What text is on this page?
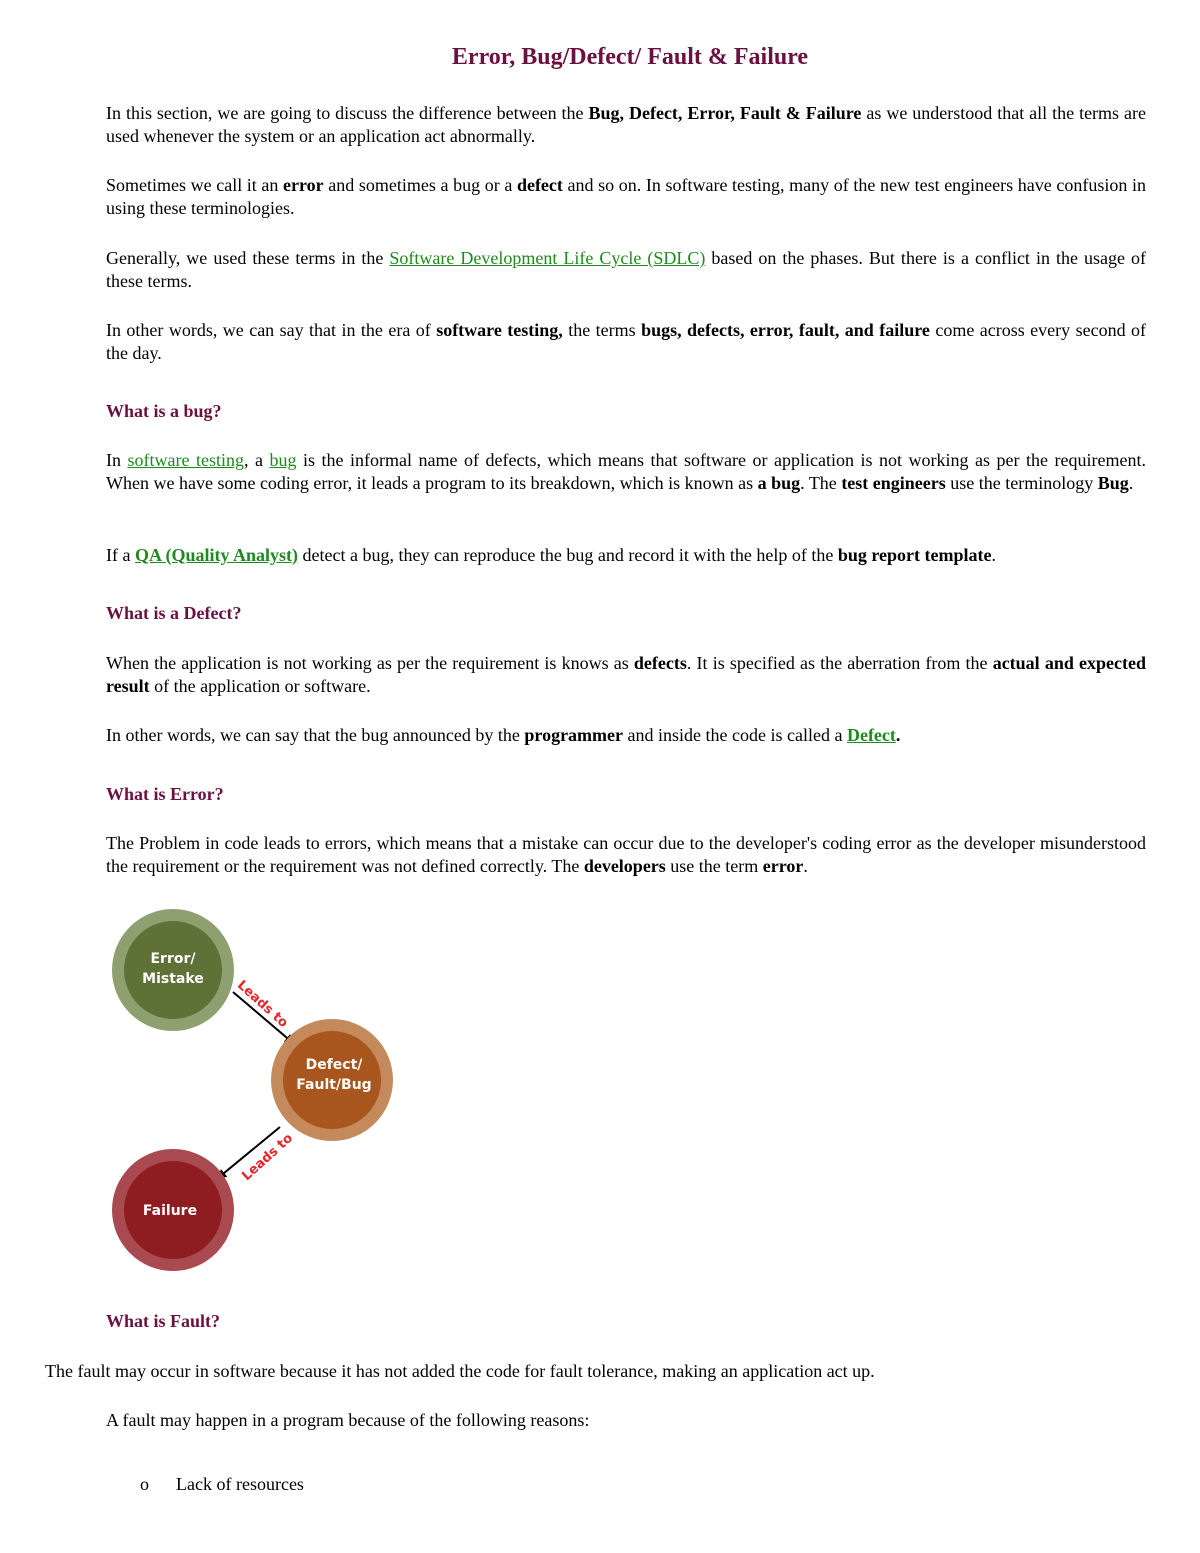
Error, Bug/Defect/ Fault & Failure

In this section, we are going to discuss the difference between the Bug, Defect, Error, Fault & Failure as we understood that all the terms are used whenever the system or an application act abnormally.

Sometimes we call it an error and sometimes a bug or a defect and so on. In software testing, many of the new test engineers have confusion in using these terminologies.

Generally, we used these terms in the Software Development Life Cycle (SDLC) based on the phases. But there is a conflict in the usage of these terms.

In other words, we can say that in the era of software testing, the terms bugs, defects, error, fault, and failure come across every second of the day.

What is a bug?

In software testing, a bug is the informal name of defects, which means that software or application is not working as per the requirement. When we have some coding error, it leads a program to its breakdown, which is known as a bug. The test engineers use the terminology Bug.

If a QA (Quality Analyst) detect a bug, they can reproduce the bug and record it with the help of the bug report template.

What is a Defect?

When the application is not working as per the requirement is knows as defects. It is specified as the aberration from the actual and expected result of the application or software.

In other words, we can say that the bug announced by the programmer and inside the code is called a Defect.

What is Error?

The Problem in code leads to errors, which means that a mistake can occur due to the developer's coding error as the developer misunderstood the requirement or the requirement was not defined correctly. The developers use the term error.

Error/
Mistake Leads to
Defect/
Fault/Bug
Leads to
Failure
What is Fault?

The fault may occur in software because it has not added the code for fault tolerance, making an application act up.

A fault may happen in a program because of the following reasons:

o Lack of resources
